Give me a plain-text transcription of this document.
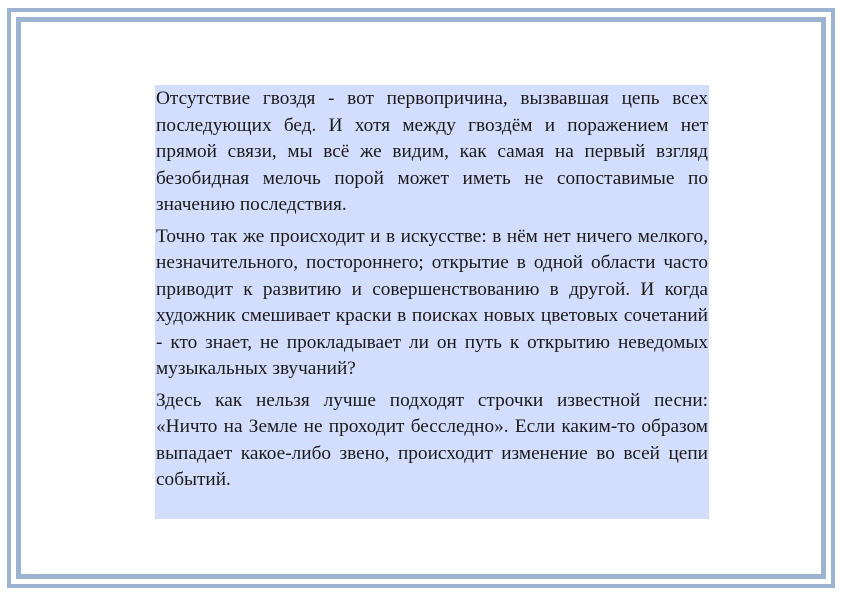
Отсутствие гвоздя - вот первопричина, вызвавшая цепь всех последующих бед. И хотя между гвоздём и поражением нет прямой связи, мы всё же видим, как самая на первый взгляд безобидная мелочь порой может иметь не сопоставимые по значению последствия.

Точно так же происходит и в искусстве: в нём нет ничего мелкого, незначительного, постороннего; открытие в одной области часто приводит к развитию и совершенствованию в другой. И когда художник смешивает краски в поисках новых цветовых сочетаний - кто знает, не прокладывает ли он путь к открытию неведомых музыкальных звучаний?

Здесь как нельзя лучше подходят строчки известной песни: «Ничто на Земле не проходит бесследно». Если каким-то образом выпадает какое-либо звено, происходит изменение во всей цепи событий.
